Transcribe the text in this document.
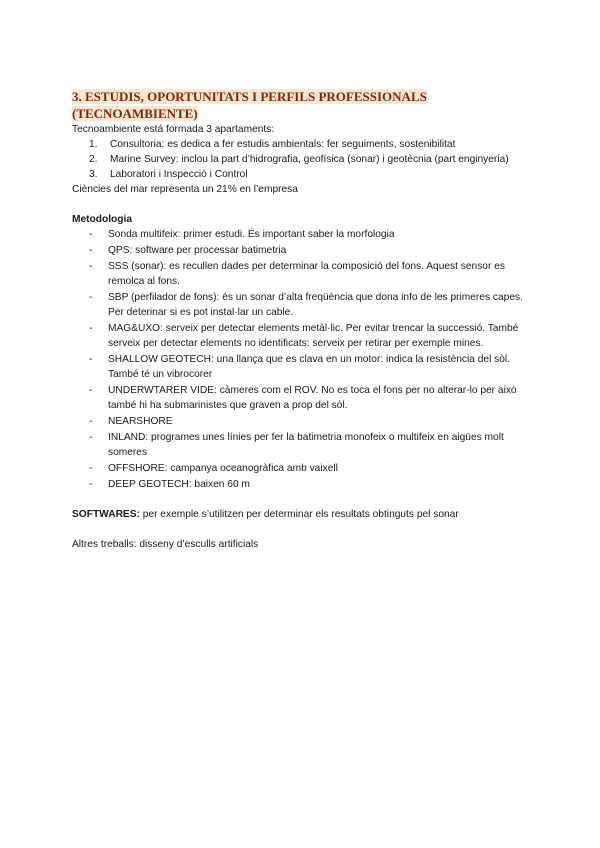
3. ESTUDIS, OPORTUNITATS I PERFILS PROFESSIONALS
(TECNOAMBIENTE)

Tecnoambiente está formada 3 apartaments:

1. Consultoria: es dedica a fer estudis ambientals: fer seguiments, sostenibilitat
2. Marine Survey: inclou la part d’hidrografia, geofísica (sonar) i geotècnia (part enginyeria)
3. Laboratori i Inspecció i Control

Ciències del mar representa un 21% en l’empresa

Metodologia

- Sonda multifeix: primer estudi. És important saber la morfologia
- QPS: software per processar batimetria
- SSS (sonar): es recullen dades per determinar la composició del fons. Aquest sensor es remolca al fons.
- SBP (perfilador de fons): és un sonar d’alta freqüència que dona info de les primeres capes. Per deterinar si es pot instal·lar un cable.
- MAG&UXO: serveix per detectar elements metàl·lic. Per evitar trencar la successió. També serveix per detectar elements no identificats: serveix per retirar per exemple mines.
- SHALLOW GEOTECH: una llança que es clava en un motor: indica la resistència del sòl. També té un vibrocorer
- UNDERWTARER VIDE: càmeres com el ROV. No es toca el fons per no alterar-lo per això també hi ha submarinistes que graven a prop del sòl.
- NEARSHORE
- INLAND: programes unes línies per fer la batimetria monofeix o multifeix en aigües molt someres
- OFFSHORE: campanya oceanogràfica amb vaixell
- DEEP GEOTECH: baixen 60 m

SOFTWARES: per exemple s’utilitzen per determinar els resultats obtinguts pel sonar

Altres treballs: disseny d’esculls artificials
